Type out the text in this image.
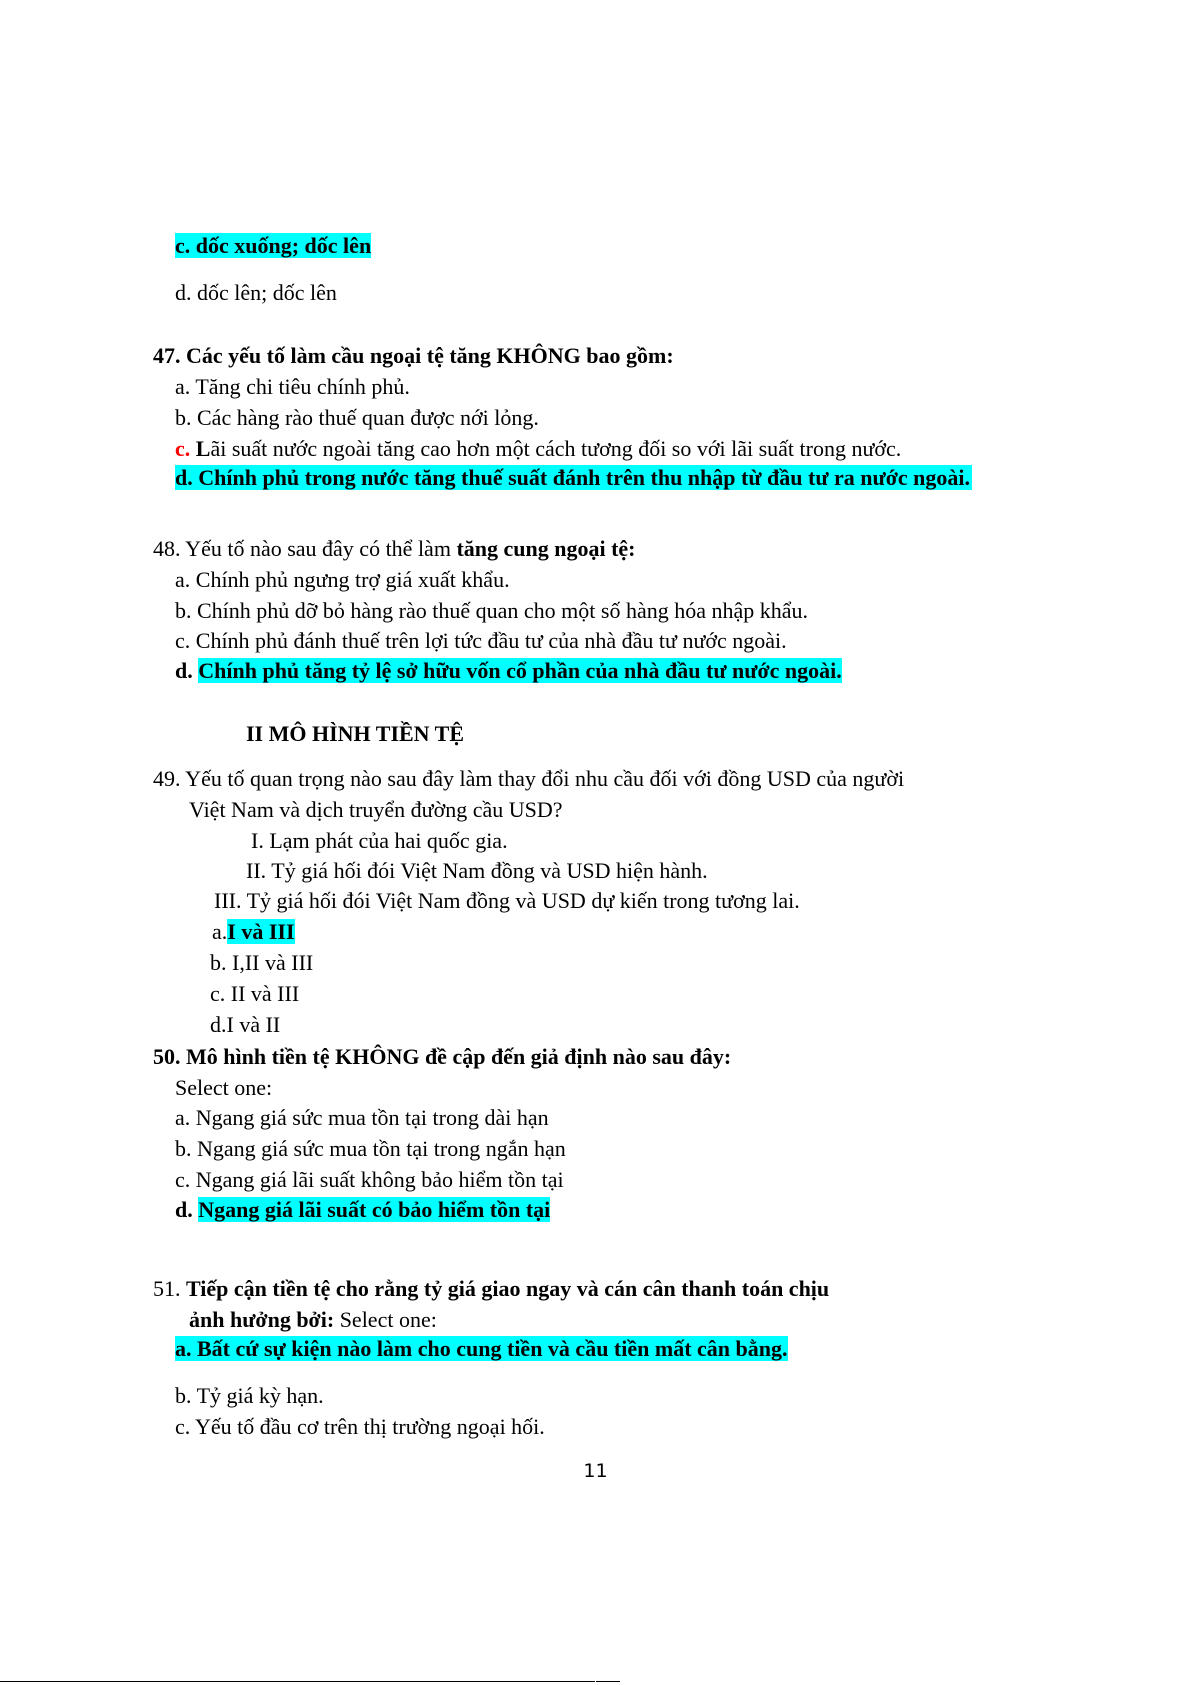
c. dốc xuống; dốc lên
d. dốc lên; dốc lên
47. Các yếu tố làm cầu ngoại tệ tăng KHÔNG bao gồm:
a. Tăng chi tiêu chính phủ.
b. Các hàng rào thuế quan được nới lỏng.
c. Lãi suất nước ngoài tăng cao hơn một cách tương đối so với lãi suất trong nước.
d. Chính phủ trong nước tăng thuế suất đánh trên thu nhập từ đầu tư ra nước ngoài.
48. Yếu tố nào sau đây có thể làm tăng cung ngoại tệ:
a. Chính phủ ngưng trợ giá xuất khẩu.
b. Chính phủ dỡ bỏ hàng rào thuế quan cho một số hàng hóa nhập khẩu.
c. Chính phủ đánh thuế trên lợi tức đầu tư của nhà đầu tư nước ngoài.
d. Chính phủ tăng tỷ lệ sở hữu vốn cổ phần của nhà đầu tư nước ngoài.
II MÔ HÌNH TIỀN TỆ
49. Yếu tố quan trọng nào sau đây làm thay đổi nhu cầu đối với đồng USD của người
Việt Nam và dịch truyển đường cầu USD?
I. Lạm phát của hai quốc gia.
II. Tỷ giá hối đói Việt Nam đồng và USD hiện hành.
III. Tỷ giá hối đói Việt Nam đồng và USD dự kiến trong tương lai.
a.I và III
b. I,II và III
c. II và III
d.I và II
50. Mô hình tiền tệ KHÔNG đề cập đến giả định nào sau đây:
Select one:
a. Ngang giá sức mua tồn tại trong dài hạn
b. Ngang giá sức mua tồn tại trong ngắn hạn
c. Ngang giá lãi suất không bảo hiểm tồn tại
d. Ngang giá lãi suất có bảo hiểm tồn tại
51. Tiếp cận tiền tệ cho rằng tỷ giá giao ngay và cán cân thanh toán chịu
ảnh hưởng bởi: Select one:
a. Bất cứ sự kiện nào làm cho cung tiền và cầu tiền mất cân bằng.
b. Tỷ giá kỳ hạn.
c. Yếu tố đầu cơ trên thị trường ngoại hối.
11
